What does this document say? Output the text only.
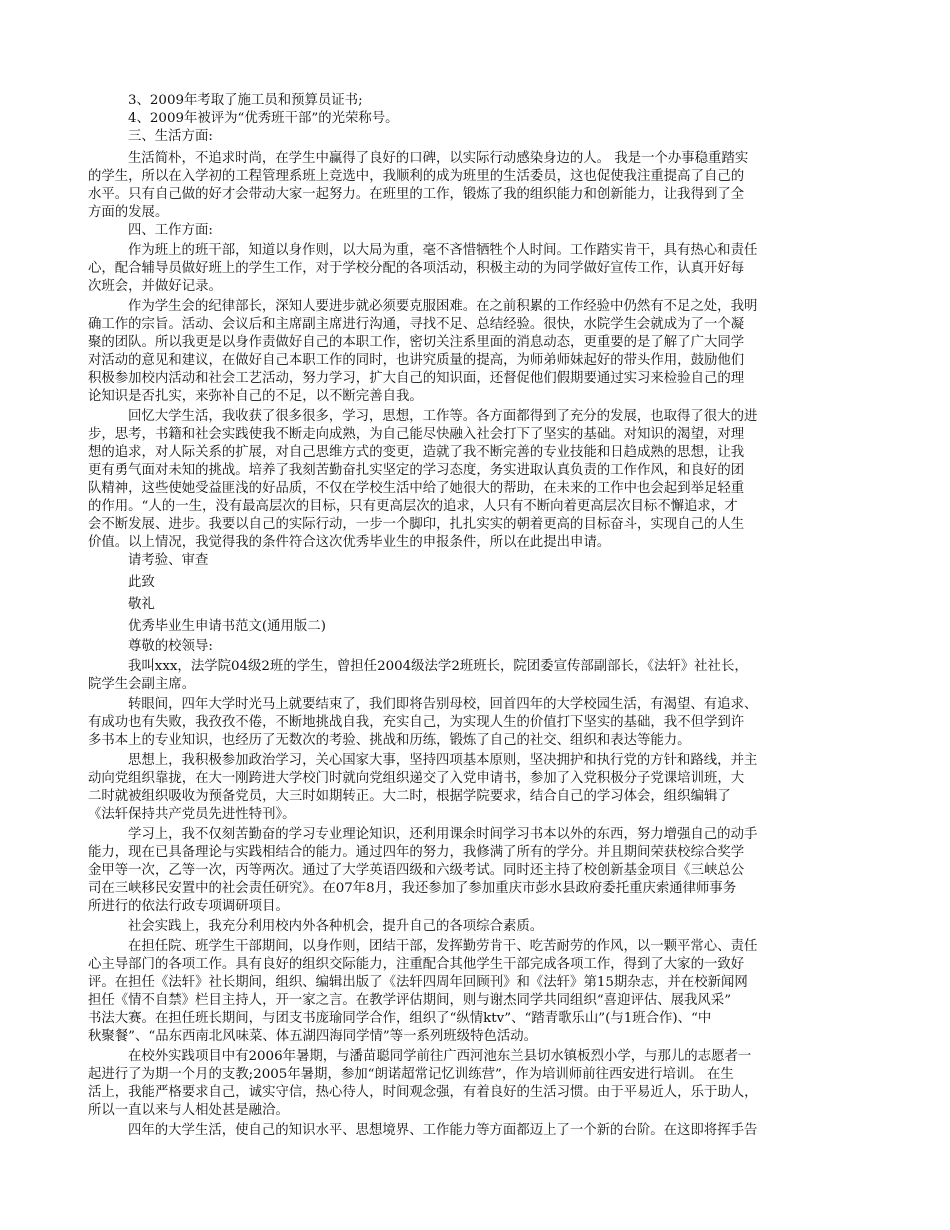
3、2009年考取了施工员和预算员证书;
4、2009年被评为“优秀班干部”的光荣称号。
三、生活方面:
生活简朴，不追求时尚，在学生中赢得了良好的口碑，以实际行动感染身边的人。 我是一个办事稳重踏实
的学生，所以在入学初的工程管理系班上竞选中，我顺利的成为班里的生活委员，这也促使我注重提高了自己的
水平。只有自己做的好才会带动大家一起努力。在班里的工作，锻炼了我的组织能力和创新能力，让我得到了全
方面的发展。
四、工作方面:
作为班上的班干部，知道以身作则，以大局为重，毫不吝惜牺牲个人时间。工作踏实肯干，具有热心和责任
心，配合辅导员做好班上的学生工作，对于学校分配的各项活动，积极主动的为同学做好宣传工作，认真开好每
次班会，并做好记录。
作为学生会的纪律部长，深知人要进步就必须要克服困难。在之前积累的工作经验中仍然有不足之处，我明
确工作的宗旨。活动、会议后和主席副主席进行沟通，寻找不足、总结经验。很快，水院学生会就成为了一个凝
聚的团队。所以我更是以身作责做好自己的本职工作，密切关注系里面的消息动态，更重要的是了解了广大同学
对活动的意见和建议，在做好自己本职工作的同时，也讲究质量的提高，为师弟师妹起好的带头作用，鼓励他们
积极参加校内活动和社会工艺活动，努力学习，扩大自己的知识面，还督促他们假期要通过实习来检验自己的理
论知识是否扎实，来弥补自己的不足，以不断完善自我。
回忆大学生活，我收获了很多很多，学习，思想，工作等。各方面都得到了充分的发展，也取得了很大的进
步，思考，书籍和社会实践使我不断走向成熟，为自己能尽快融入社会打下了坚实的基础。对知识的渴望，对理
想的追求，对人际关系的扩展，对自己思维方式的变更，造就了我不断完善的专业技能和日趋成熟的思想，让我
更有勇气面对未知的挑战。培养了我刻苦勤奋扎实坚定的学习态度，务实进取认真负责的工作作风，和良好的团
队精神，这些使她受益匪浅的好品质，不仅在学校生活中给了她很大的帮助，在未来的工作中也会起到举足轻重
的作用。“人的一生，没有最高层次的目标，只有更高层次的追求，人只有不断向着更高层次目标不懈追求，才
会不断发展、进步。我要以自己的实际行动，一步一个脚印，扎扎实实的朝着更高的目标奋斗，实现自己的人生
价值。以上情况，我觉得我的条件符合这次优秀毕业生的申报条件，所以在此提出申请。
请考验、审查
此致
敬礼
优秀毕业生申请书范文(通用版二)
尊敬的校领导:
我叫xxx，法学院04级2班的学生，曾担任2004级法学2班班长，院团委宣传部副部长，《法轩》社社长，
院学生会副主席。
转眼间，四年大学时光马上就要结束了，我们即将告别母校，回首四年的大学校园生活，有渴望、有追求、
有成功也有失败，我孜孜不倦，不断地挑战自我，充实自己，为实现人生的价值打下坚实的基础，我不但学到许
多书本上的专业知识，也经历了无数次的考验、挑战和历练，锻炼了自己的社交、组织和表达等能力。
思想上，我积极参加政治学习，关心国家大事，坚持四项基本原则，坚决拥护和执行党的方针和路线，并主
动向党组织靠拢，在大一刚跨进大学校门时就向党组织递交了入党申请书，参加了入党积极分子党课培训班，大
二时就被组织吸收为预备党员，大三时如期转正。大二时，根据学院要求，结合自己的学习体会，组织编辑了
《法轩保持共产党员先进性特刊》。
学习上，我不仅刻苦勤奋的学习专业理论知识，还利用课余时间学习书本以外的东西，努力增强自己的动手
能力，现在已具备理论与实践相结合的能力。通过四年的努力，我修满了所有的学分。并且期间荣获校综合奖学
金甲等一次，乙等一次，丙等两次。通过了大学英语四级和六级考试。同时还主持了校创新基金项目《三峡总公
司在三峡移民安置中的社会责任研究》。在07年8月，我还参加了参加重庆市彭水县政府委托重庆索通律师事务
所进行的依法行政专项调研项目。
社会实践上，我充分利用校内外各种机会，提升自己的各项综合素质。
在担任院、班学生干部期间，以身作则，团结干部，发挥勤劳肯干、吃苦耐劳的作风，以一颗平常心、责任
心主导部门的各项工作。具有良好的组织交际能力，注重配合其他学生干部完成各项工作，得到了大家的一致好
评。在担任《法轩》社长期间，组织、编辑出版了《法轩四周年回顾刊》和《法轩》第15期杂志，并在校新闻网
担任《情不自禁》栏目主持人，开一家之言。在教学评估期间，则与谢杰同学共同组织“喜迎评估、展我风采”
书法大赛。在担任班长期间，与团支书庞瑜同学合作，组织了“纵情ktv”、“踏青歌乐山”(与1班合作)、“中
秋聚餐”、“品东西南北风味菜、体五湖四海同学情”等一系列班级特色活动。
在校外实践项目中有2006年暑期，与潘苗聪同学前往广西河池东兰县切水镇板烈小学，与那儿的志愿者一
起进行了为期一个月的支教;2005年暑期，参加“朗诺超常记忆训练营”，作为培训师前往西安进行培训。 在生
活上，我能严格要求自己，诚实守信，热心待人，时间观念强，有着良好的生活习惯。由于平易近人，乐于助人，
所以一直以来与人相处甚是融洽。
四年的大学生活，使自己的知识水平、思想境界、工作能力等方面都迈上了一个新的台阶。在这即将挥手告
